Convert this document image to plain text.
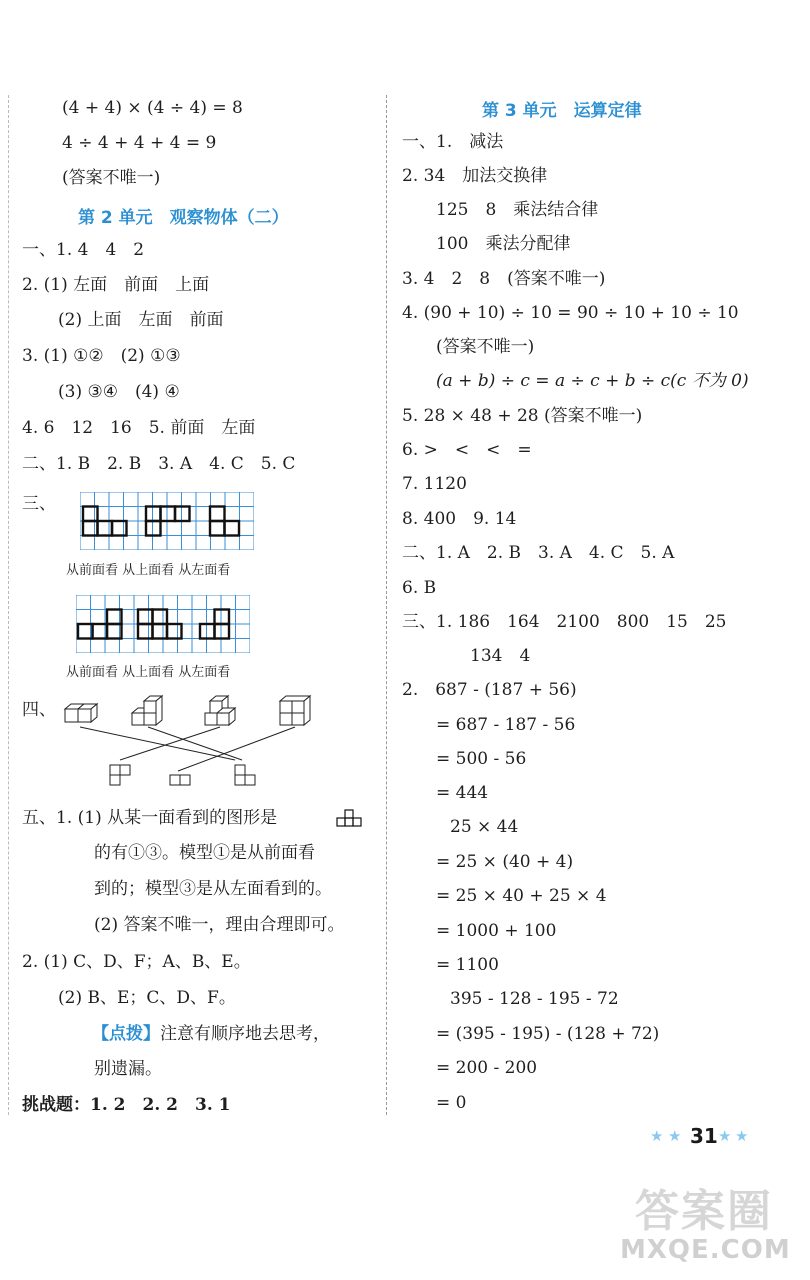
(4 + 4) × (4 ÷ 4) = 8
4 ÷ 4 + 4 + 4 = 9
(答案不唯一)
第 2 单元　观察物体（二）
一、1. 4　4　2
2. (1) 左面　前面　上面
(2) 上面　左面　前面
3. (1) ①②　(2) ①③
(3) ③④　(4) ④
4. 6　12　16　5. 前面　左面
二、1. B　2. B　3. A　4. C　5. C
三、
从前面看 从上面看 从左面看
从前面看 从上面看 从左面看
四、
五、1. (1) 从某一面看到的图形是
的有①③。模型①是从前面看
到的；模型③是从左面看到的。
(2) 答案不唯一，理由合理即可。
2. (1) C、D、F；A、B、E。
(2) B、E；C、D、F。
【点拨】注意有顺序地去思考，
别遗漏。
挑战题：1. 2　2. 2　3. 1
第 3 单元　运算定律
一、1.　减法
2. 34　加法交换律
125　8　乘法结合律
100　乘法分配律
3. 4　2　8　(答案不唯一)
4. (90 + 10) ÷ 10 = 90 ÷ 10 + 10 ÷ 10
(答案不唯一)
(a + b) ÷ c = a ÷ c + b ÷ c(c 不为 0)
5. 28 × 48 + 28 (答案不唯一)
6. >　<　<　=
7. 1120
8. 400　9. 14
二、1. A　2. B　3. A　4. C　5. A
6. B
三、1. 186　164　2100　800　15　25
134　4
2.　687 - (187 + 56)
= 687 - 187 - 56
= 500 - 56
= 444
25 × 44
= 25 × (40 + 4)
= 25 × 40 + 25 × 4
= 1000 + 100
= 1100
395 - 128 - 195 - 72
= (395 - 195) - (128 + 72)
= 200 - 200
= 0
★ ★ 31 ★ ★
答案圈
MXQE.COM
